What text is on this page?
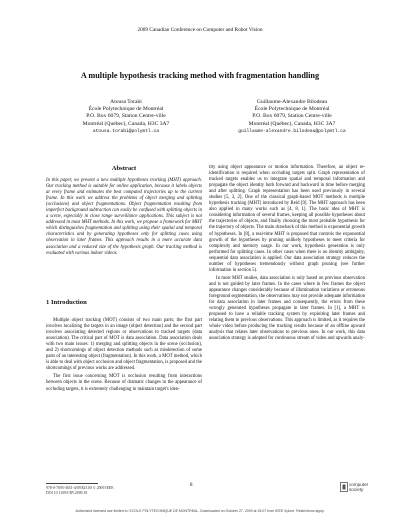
2009 Canadian Conference on Computer and Robot Vision
A multiple hypothesis tracking method with fragmentation handling
Atousa Torabi
École Polytechnique de Montréal
P.O. Box 6079, Station Centre-ville
Montréal (Québec), Canada, H3C 3A7
atousa.torabi@polymtl.ca
Guillaume-Alexandre Bilodeau
École Polytechnique de Montréal
P.O. Box 6079, Station Centre-ville
Montréal (Québec), Canada, H3C 3A7
guillaume-alexandre.bilodeau@polymtl.ca
Abstract
In this paper, we present a new multiple hypotheses tracking (MHT) approach. Our tracking method is suitable for online application, because it labels objects at every frame and estimates the best computed trajectories up to the current frame. In this work we address the problems of object merging and splitting (occlusions) and object fragmentations. Object fragmentation resulting from imperfect background subtraction can easily be confused with splitting objects in a scene, especially in close range surveillance applications. This subject is not addressed in most MHT methods. In this work, we propose a framework for MHT which distinguishes fragmentation and splitting using their spatial and temporal characteristics and by generating hypotheses only for splitting cases using observation in later frames. This approach results in a more accurate data association and a reduced size of the hypothesis graph. Our tracking method is evaluated with various indoor videos.
1 Introduction

Multiple object tracking (MOT) consists of two main parts; the first part involves localizing the targets in an image (object detection) and the second part involves associating detected regions or observations to tracked targets (data association). The critical part of MOT is data association. Data association deals with two main issues: 1) merging and splitting objects in the scene (occlusion), and 2) shortcomings of object detection methods such as misdetection of some parts of an interesting object (fragmentation). In this work, a MOT method, which is able to deal with object occlusion and object fragmentation, is proposed and the shortcomings of previous works are addressed.

The first issue concerning MOT is occlusion resulting from interactions between objects in the scene. Because of dramatic changes in the appearance of occluding targets, it is extremely challenging to maintain target's iden-

tity using object appearance or motion information. Therefore, an object re-identification is required when occluding targets split. Graph representation of tracked targets enables us to integrate spatial and temporal information and propagate the object identity both forward and backward in time before merging and after splitting. Graph representation has been used previously in several studies [5, 3, 2]. One of the classical graph-based MOT methods is multiple hypothesis tracking (MHT) introduced by Reid [9]. The MHT approach has been also applied in many works such as [4, 8, 1]. The basic idea of MHT is considering information of several frames, keeping all possible hypotheses about the trajectories of objects, and finally choosing the most probable hypothesis for the trajectory of objects. The main drawback of this method is exponential growth of hypotheses. In [8], a real-time MHT is proposed that controls the exponential growth of the hypotheses by pruning unlikely hypotheses to meet criteria for complexity and memory usage. In our work, hypothesis generation is only performed for splitting cases. In other cases when there is no identity ambiguity, sequential data association is applied. Our data association strategy reduces the number of hypotheses tremendously without graph pruning (see further information in section 5).

In most MHT studies, data association is only based on previous observation and is not guided by later frames. In the cases where in few frames the object appearance changes considerably because of illumination variations or erroneous foreground segmentation, the observations may not provide adequate information for data association in later frames and consequently, the errors from these wrongly generated hypotheses propagate in later frames. In [1], a MHT is proposed to have a reliable tracking system by exploiting later frames and relating them to previous observations. This approach is limited, as it requires the whole video before producing the tracking results because of an offline upward analysis that relates later observations to previous ones. In our work, this data association strategy is adopted for continuous stream of video and upwards analy-

978-0-7695-3651-4/09 $25.00 © 2009 IEEE
DOI 10.1109/CRV.2009.18
8	computer
society
Authorized licensed use limited to: ECOLE POLYTECHNIQUE DE MONTREAL. Downloaded on October 27, 2009 at 15:07 from IEEE Xplore. Restrictions apply.
